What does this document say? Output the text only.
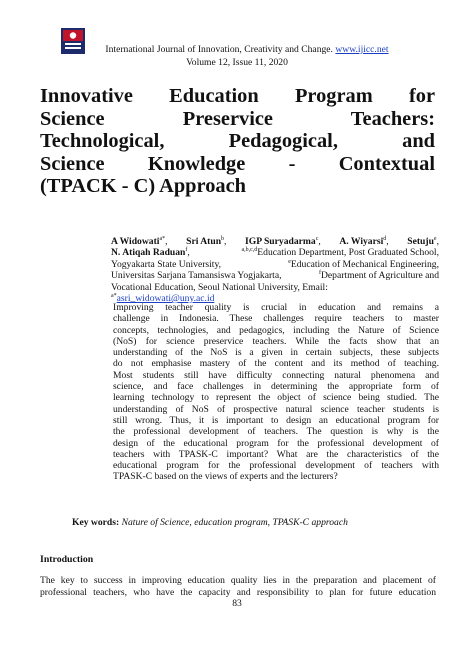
International Journal of Innovation, Creativity and Change. www.ijicc.net
Volume 12, Issue 11, 2020
Innovative Education Program for
Science Preservice Teachers:
Technological, Pedagogical, and
Science Knowledge - Contextual
(TPACK - C) Approach
A Widowati$^{a*}$, Sri Atun$^b$, IGP Suryadarma$^c$, A. Wiyarsi$^d$, Setuju$^e$,
N. Atiqah Raduan$^f$,	$^{a,b,c,d}$Education Department, Post Graduated School,
Yogyakarta State University,	$^e$Education of Mechanical Engineering,
Universitas Sarjana Tamansiswa Yogjakarta,	$^f$Department of Agriculture and
Vocational Education, Seoul National University, Email:
$^{a*}$asri_widowati@uny.ac.id
Improving teacher quality is crucial in education and remains a
challenge in Indonesia. These challenges require teachers to master
concepts, technologies, and pedagogics, including the Nature of Science
(NoS) for science preservice teachers. While the facts show that an
understanding of the NoS is a given in certain subjects, these subjects
do not emphasise mastery of the content and its method of teaching.
Most students still have difficulty connecting natural phenomena and
science, and face challenges in determining the appropriate form of
learning technology to represent the object of science being studied. The
understanding of NoS of prospective natural science teacher students is
still wrong. Thus, it is important to design an educational program for
the professional development of teachers. The question is why is the
design of the educational program for the professional development of
teachers with TPASK-C important? What are the characteristics of the
educational program for the professional development of teachers with
TPASK-C based on the views of experts and the lecturers?
Key words: Nature of Science, education program, TPASK-C approach
Introduction
The key to success in improving education quality lies in the preparation and placement of
professional teachers, who have the capacity and responsibility to plan for future education
83
